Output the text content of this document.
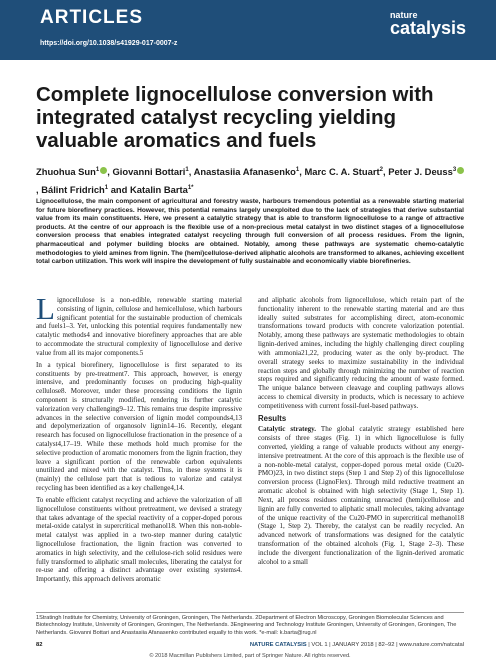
ARTICLES
https://doi.org/10.1038/s41929-017-0007-z
nature
catalysis
Complete lignocellulose conversion with integrated catalyst recycling yielding valuable aromatics and fuels
Zhuohua Sun$^1$ , Giovanni Bottari$^1$, Anastasiia Afanasenko$^1$, Marc C. A. Stuart$^2$, Peter J. Deuss$^3$, Bálint Fridrich$^1$ and Katalin Barta$^{1*}$

Lignocellulose, the main component of agricultural and forestry waste, harbours tremendous potential as a renewable starting material for future biorefinery practices. However, this potential remains largely unexploited due to the lack of strategies that derive substantial value from its main constituents. Here, we present a catalytic strategy that is able to transform lignocellulose to a range of attractive products. At the centre of our approach is the flexible use of a non-precious metal catalyst in two distinct stages of a lignocellulose conversion process that enables integrated catalyst recycling through full conversion of all process residues. From the lignin, pharmaceutical and polymer building blocks are obtained. Notably, among these pathways are systematic chemo-catalytic methodologies to yield amines from lignin. The (hemi)cellulose-derived aliphatic alcohols are transformed to alkanes, achieving excellent total carbon utilization. This work will inspire the development of fully sustainable and economically viable biorefineries.

Lignocellulose is a non-edible, renewable starting material consisting of lignin, cellulose and hemicellulose, which harbours significant potential for the sustainable production of chemicals and fuels1–3. Yet, unlocking this potential requires fundamentally new catalytic methods4 and innovative biorefinery approaches that are able to accommodate the structural complexity of lignocellulose and derive value from all its major components.5

In a typical biorefinery, lignocellulose is first separated to its constituents by pre-treatment7. This approach, however, is energy intensive, and predominantly focuses on producing high-quality cellulose8. Moreover, under these processing conditions the lignin component is structurally modified, rendering its further catalytic valorization very challenging9–12. This remains true despite impressive advances in the selective conversion of lignin model compounds4,13 and depolymerization of organosolv lignin14–16. Recently, elegant research has focused on lignocellulose fractionation in the presence of a catalyst4,17–19. While these methods hold much promise for the selective production of aromatic monomers from the lignin fraction, they leave a significant portion of the renewable carbon equivalents unutilized and mixed with the catalyst. Thus, in these systems it is (mainly) the cellulose part that is tedious to valorize and catalyst recycling has been identified as a key challenge4,14.

To enable efficient catalyst recycling and achieve the valorization of all lignocellulose constituents without pretreatment, we devised a strategy that takes advantage of the special reactivity of a copper-doped porous metal-oxide catalyst in supercritical methanol18. When this non-noble-metal catalyst was applied in a two-step manner during catalytic lignocellulose fractionation, the lignin fraction was converted to aromatics in high selectivity, and the cellulose-rich solid residues were fully transformed to aliphatic small molecules, liberating the catalyst for re-use and offering a distinct advantage over existing systems4. Importantly, this approach delivers aromatic

and aliphatic alcohols from lignocellulose, which retain part of the functionality inherent to the renewable starting material and are thus ideally suited substrates for accomplishing direct, atom-economic transformations toward products with concrete valorization potential. Notably, among these pathways are systematic methodologies to obtain lignin-derived amines, including the highly challenging direct coupling with ammonia21,22, producing water as the only by-product. The overall strategy seeks to maximize sustainability in the individual reaction steps and globally through minimizing the number of reaction steps required and significantly reducing the amount of waste formed. The unique balance between cleavage and coupling pathways allows access to chemical diversity in products, which is necessary to achieve competitiveness with current fossil-fuel-based pathways.

Results

Catalytic strategy. The global catalytic strategy established here consists of three stages (Fig. 1) in which lignocellulose is fully converted, yielding a range of valuable products without any energy-intensive pretreatment. At the core of this approach is the flexible use of a non-noble-metal catalyst, copper-doped porous metal oxide (Cu20-PMO)23, in two distinct steps (Step 1 and Step 2) of this lignocellulose conversion process (LignoFlex). Through mild reductive treatment an aromatic alcohol is obtained with high selectivity (Stage 1, Step 1). Next, all process residues containing unreacted (hemi)cellulose and lignin are fully converted to aliphatic small molecules, taking advantage of the unique reactivity of the Cu20-PMO in supercritical methanol18 (Stage 1, Step 2). Thereby, the catalyst can be readily recycled. An advanced network of transformations was designed for the catalytic transformation of the obtained alcohols (Fig. 1, Stage 2–3). These include the divergent functionalization of the lignin-derived aromatic alcohol to a small

1Stratingh Institute for Chemistry, University of Groningen, Groningen, The Netherlands. 2Department of Electron Microscopy, Groningen Biomolecular Sciences and Biotechnology Institute, University of Groningen, Groningen, The Netherlands. 3Engineering and Technology Institute Groningen, University of Groningen, Groningen, The Netherlands. Giovanni Bottari and Anastasiia Afanasenko contributed equally to this work. *e-mail: k.barta@rug.nl

82	NATURE CATALYSIS | VOL 1 | JANUARY 2018 | 82–92 | www.nature.com/natcatal
© 2018 Macmillan Publishers Limited, part of Springer Nature. All rights reserved.
